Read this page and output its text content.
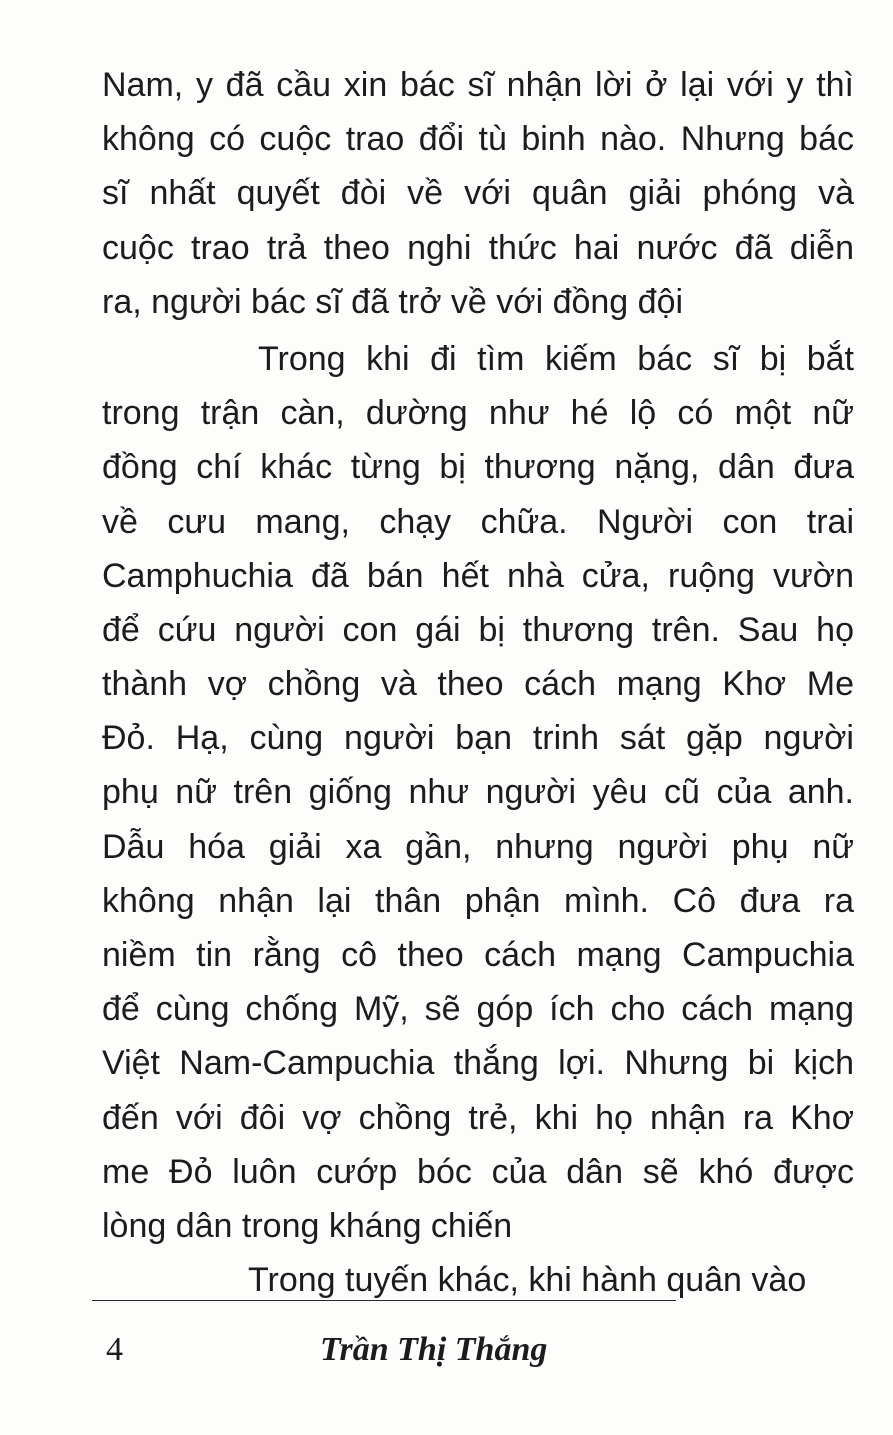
Nam, y đã cầu xin bác sĩ nhận lời ở lại với y thì
không có cuộc trao đổi tù binh nào. Nhưng bác
sĩ nhất quyết đòi về với quân giải phóng và
cuộc trao trả theo nghi thức hai nước đã diễn
ra, người bác sĩ đã trở về với đồng đội
Trong khi đi tìm kiếm bác sĩ bị bắt
trong trận càn, dường như hé lộ có một nữ
đồng chí khác từng bị thương nặng, dân đưa
về cưu mang, chạy chữa. Người con trai
Camphuchia đã bán hết nhà cửa, ruộng vườn
để cứu người con gái bị thương trên. Sau họ
thành vợ chồng và theo cách mạng Khơ Me
Đỏ. Hạ, cùng người bạn trinh sát gặp người
phụ nữ trên giống như người yêu cũ của anh.
Dẫu hóa giải xa gần, nhưng người phụ nữ
không nhận lại thân phận mình. Cô đưa ra
niềm tin rằng cô theo cách mạng Campuchia
để cùng chống Mỹ, sẽ góp ích cho cách mạng
Việt Nam-Campuchia thắng lợi. Nhưng bi kịch
đến với đôi vợ chồng trẻ, khi họ nhận ra Khơ
me Đỏ luôn cướp bóc của dân sẽ khó được
lòng dân trong kháng chiến
Trong tuyến khác, khi hành quân vào
4	Trần Thị Thắng
